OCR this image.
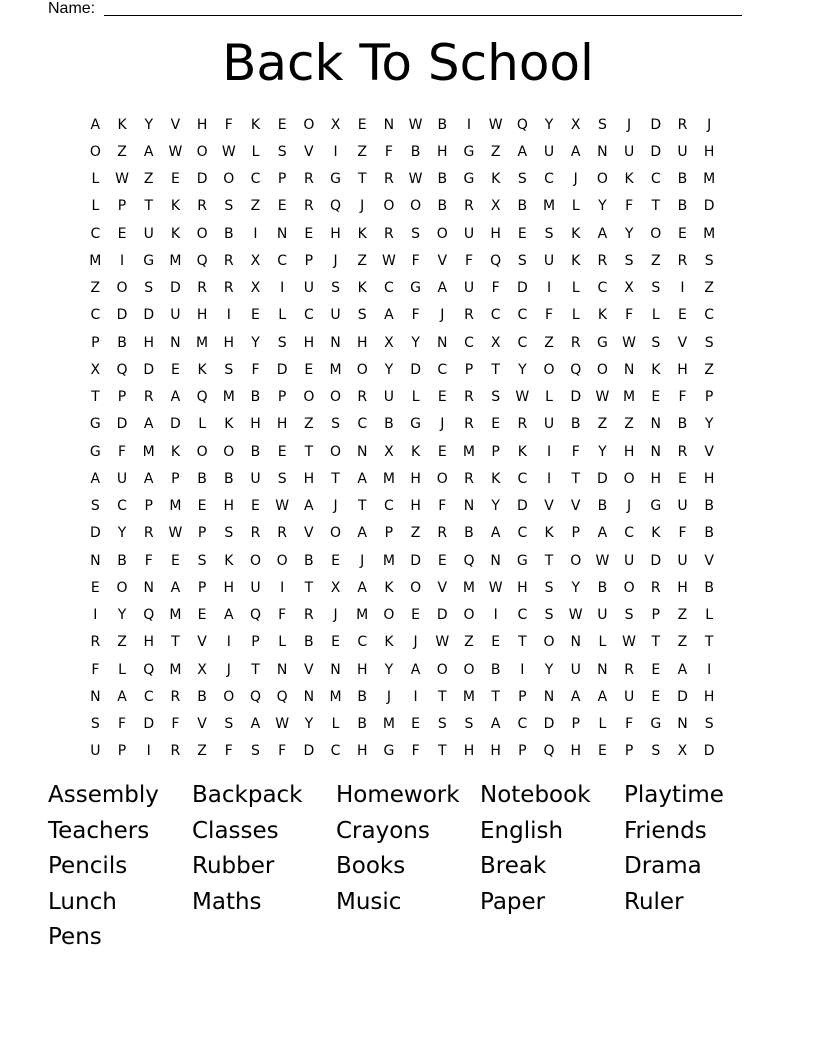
Name:
Back To School
A	K	Y	V	H	F	K	E	O	X	E	N	W	B	I	W	Q	Y	X	S	J	D	R	J
O	Z	A	W	O	W	L	S	V	I	Z	F	B	H	G	Z	A	U	A	N	U	D	U	H
L	W	Z	E	D	O	C	P	R	G	T	R	W	B	G	K	S	C	J	O	K	C	B	M
L	P	T	K	R	S	Z	E	R	Q	J	O	O	B	R	X	B	M	L	Y	F	T	B	D
C	E	U	K	O	B	I	N	E	H	K	R	S	O	U	H	E	S	K	A	Y	O	E	M
M	I	G	M	Q	R	X	C	P	J	Z	W	F	V	F	Q	S	U	K	R	S	Z	R	S
Z	O	S	D	R	R	X	I	U	S	K	C	G	A	U	F	D	I	L	C	X	S	I	Z
C	D	D	U	H	I	E	L	C	U	S	A	F	J	R	C	C	F	L	K	F	L	E	C
P	B	H	N	M	H	Y	S	H	N	H	X	Y	N	C	X	C	Z	R	G	W	S	V	S
X	Q	D	E	K	S	F	D	E	M	O	Y	D	C	P	T	Y	O	Q	O	N	K	H	Z
T	P	R	A	Q	M	B	P	O	O	R	U	L	E	R	S	W	L	D	W	M	E	F	P
G	D	A	D	L	K	H	H	Z	S	C	B	G	J	R	E	R	U	B	Z	Z	N	B	Y
G	F	M	K	O	O	B	E	T	O	N	X	K	E	M	P	K	I	F	Y	H	N	R	V
A	U	A	P	B	B	U	S	H	T	A	M	H	O	R	K	C	I	T	D	O	H	E	H
S	C	P	M	E	H	E	W	A	J	T	C	H	F	N	Y	D	V	V	B	J	G	U	B
D	Y	R	W	P	S	R	R	V	O	A	P	Z	R	B	A	C	K	P	A	C	K	F	B
N	B	F	E	S	K	O	O	B	E	J	M	D	E	Q	N	G	T	O	W	U	D	U	V
E	O	N	A	P	H	U	I	T	X	A	K	O	V	M	W	H	S	Y	B	O	R	H	B
I	Y	Q	M	E	A	Q	F	R	J	M	O	E	D	O	I	C	S	W	U	S	P	Z	L
R	Z	H	T	V	I	P	L	B	E	C	K	J	W	Z	E	T	O	N	L	W	T	Z	T
F	L	Q	M	X	J	T	N	V	N	H	Y	A	O	O	B	I	Y	U	N	R	E	A	I
N	A	C	R	B	O	Q	Q	N	M	B	J	I	T	M	T	P	N	A	A	U	E	D	H
S	F	D	F	V	S	A	W	Y	L	B	M	E	S	S	A	C	D	P	L	F	G	N	S
U	P	I	R	Z	F	S	F	D	C	H	G	F	T	H	H	P	Q	H	E	P	S	X	D
Assembly	Backpack	Homework Notebook	Playtime
Teachers	Classes	Crayons	English	Friends
Pencils	Rubber	Books	Break	Drama
Lunch	Maths	Music	Paper	Ruler
Pens
